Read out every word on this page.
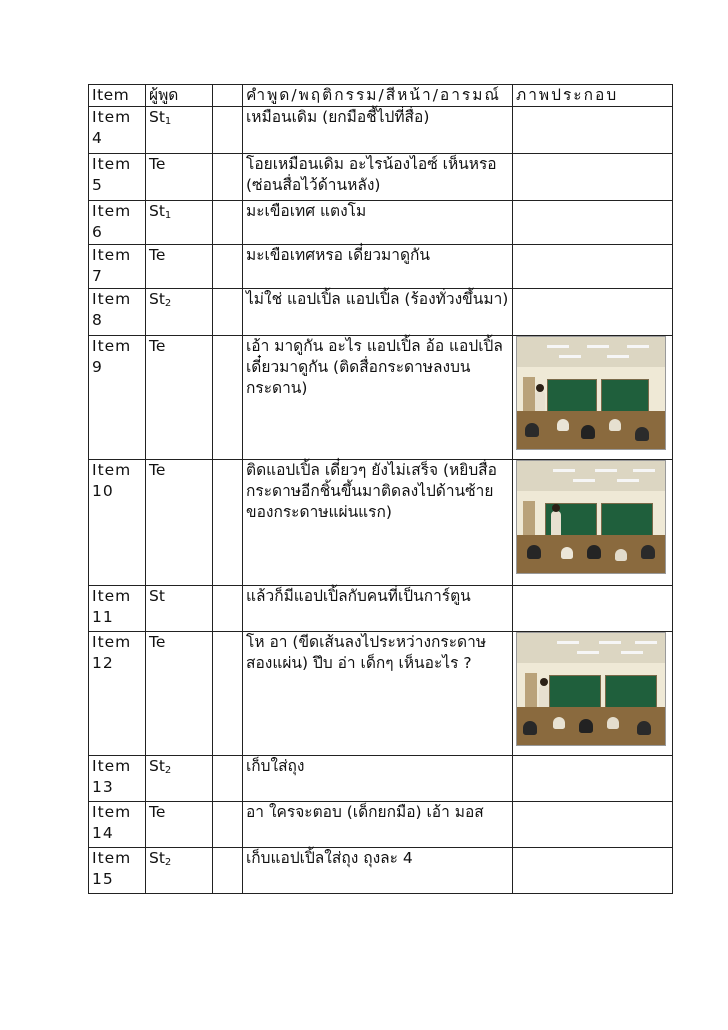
Item	ผู้พูด		คำพูด/พฤติกรรม/สีหน้า/อารมณ์	ภาพประกอบ
Item 4	St1		เหมือนเดิม (ยกมือชี้ไปที่สื่อ)	
Item 5	Te		โอยเหมือนเดิม อะไรน้องไอซ์ เห็นหรอ (ซ่อนสื่อไว้ด้านหลัง)	
Item 6	St1		มะเขือเทศ แตงโม	
Item 7	Te		มะเขือเทศหรอ เดี๋ยวมาดูกัน	
Item 8	St2		ไม่ใช่ แอปเปิ้ล แอปเปิ้ล (ร้องทั่วงขึ้นมา)	
Item 9	Te		เอ้า มาดูกัน อะไร แอปเปิ้ล อ้อ แอปเปิ้ล เดี๋ยวมาดูกัน (ติดสื่อกระดาษลงบนกระดาน)	

Item 10	Te		ติดแอปเปิ้ล เดี๋ยวๆ ยังไม่เสร็จ (หยิบสื่อกระดาษอีกชิ้นขึ้นมาติดลงไปด้านซ้ายของกระดาษแผ่นแรก)	

Item 11	St		แล้วก็มีแอปเปิ้ลกับคนที่เป็นการ์ตูน	
Item 12	Te		โห อา (ขีดเส้นลงไประหว่างกระดาษสองแผ่น) ปึบ อ่า เด็กๆ เห็นอะไร ?	

Item 13	St2		เก็บใส่ถุง	
Item 14	Te		อา ใครจะตอบ (เด็กยกมือ) เอ้า มอส	
Item 15	St2		เก็บแอปเปิ้ลใส่ถุง ถุงละ 4	
